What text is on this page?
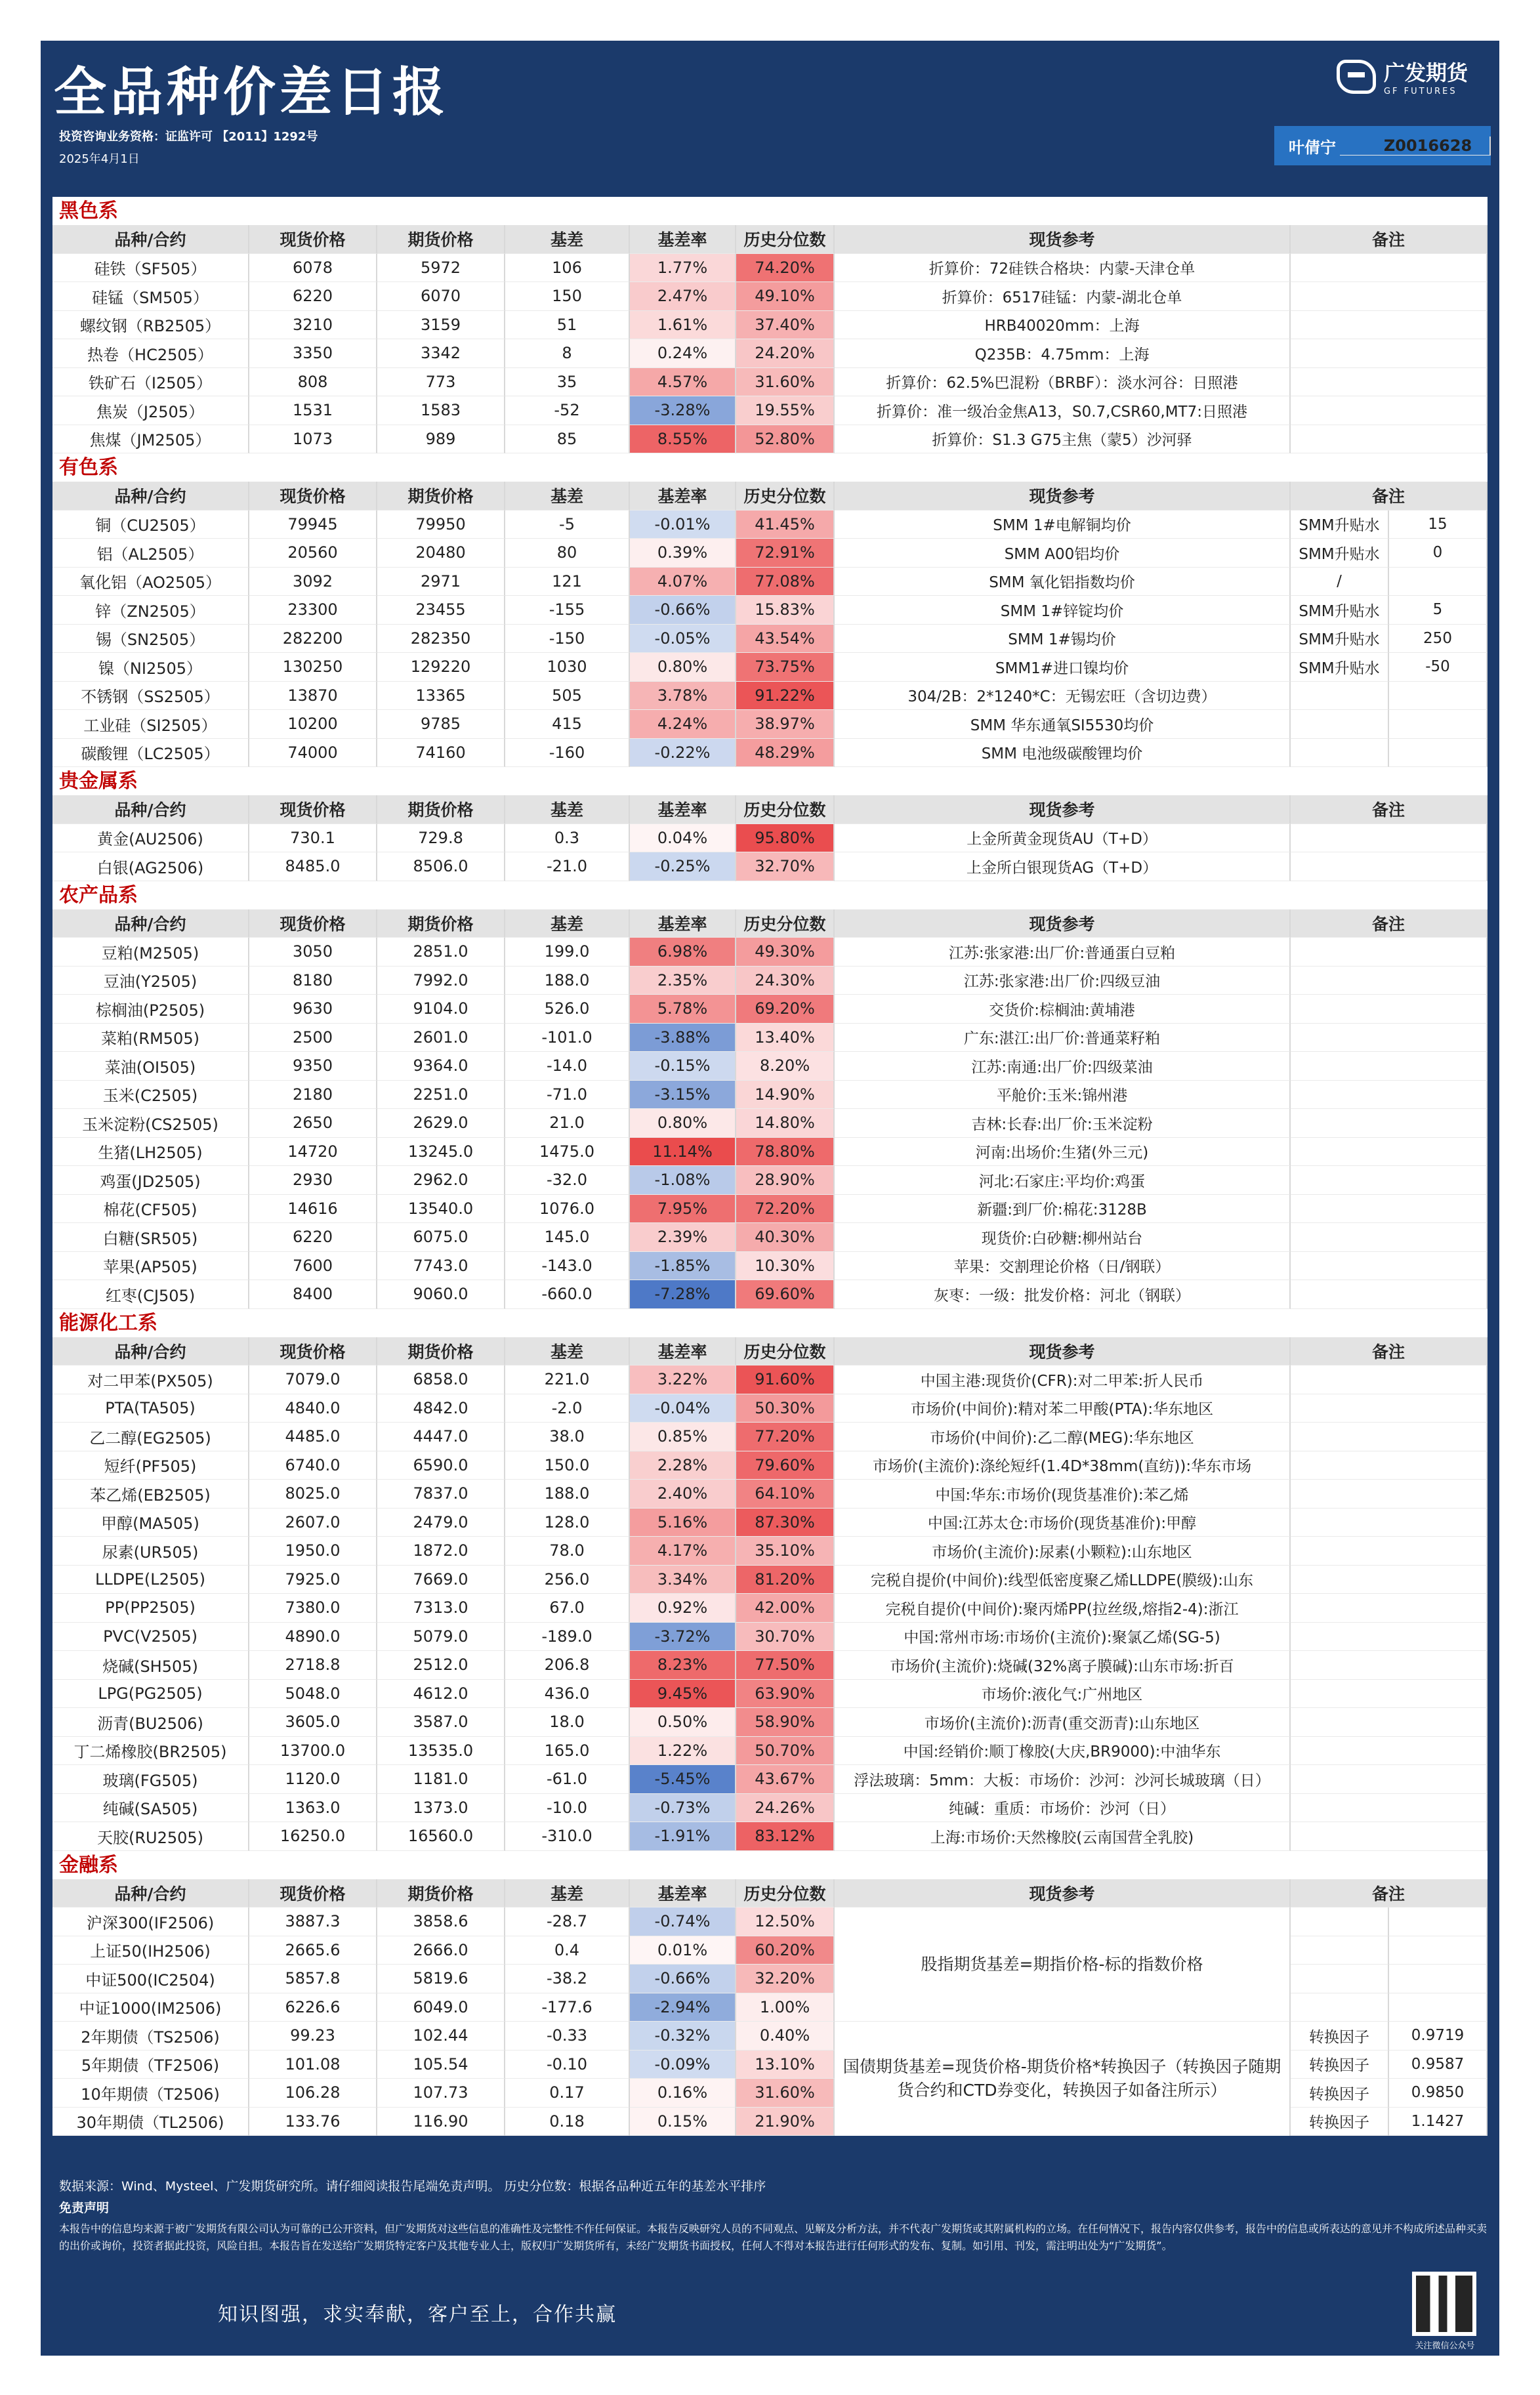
全品种价差日报
投资咨询业务资格：证监许可 【2011】1292号
2025年4月1日
广发期货
GF FUTURES
叶倩宁	Z0016628
黑色系
品种/合约	现货价格	期货价格	基差	基差率	历史分位数	现货参考	备注
硅铁（SF505）	6078	5972	106	1.77%	74.20%	折算价：72硅铁合格块：内蒙-天津仓单
硅锰（SM505）	6220	6070	150	2.47%	49.10%	折算价：6517硅锰：内蒙-湖北仓单
螺纹钢（RB2505）	3210	3159	51	1.61%	37.40%	HRB40020mm：上海
热卷（HC2505）	3350	3342	8	0.24%	24.20%	Q235B：4.75mm：上海
铁矿石（I2505）	808	773	35	4.57%	31.60%	折算价：62.5%巴混粉（BRBF）：淡水河谷：日照港
焦炭（J2505）	1531	1583	-52	-3.28%	19.55%	折算价：准一级冶金焦A13，S0.7,CSR60,MT7:日照港
焦煤（JM2505）	1073	989	85	8.55%	52.80%	折算价：S1.3 G75主焦（蒙5）沙河驿
有色系
品种/合约	现货价格	期货价格	基差	基差率	历史分位数	现货参考	备注
铜（CU2505）	79945	79950	-5	-0.01%	41.45%	SMM 1#电解铜均价	SMM升贴水	15
铝（AL2505）	20560	20480	80	0.39%	72.91%	SMM A00铝均价	SMM升贴水	0
氧化铝（AO2505）	3092	2971	121	4.07%	77.08%	SMM 氧化铝指数均价	/
锌（ZN2505）	23300	23455	-155	-0.66%	15.83%	SMM 1#锌锭均价	SMM升贴水	5
锡（SN2505）	282200	282350	-150	-0.05%	43.54%	SMM 1#锡均价	SMM升贴水	250
镍（NI2505）	130250	129220	1030	0.80%	73.75%	SMM1#进口镍均价	SMM升贴水	-50
不锈钢（SS2505）	13870	13365	505	3.78%	91.22%	304/2B：2*1240*C：无锡宏旺（含切边费）
工业硅（SI2505）	10200	9785	415	4.24%	38.97%	SMM 华东通氧SI5530均价
碳酸锂（LC2505）	74000	74160	-160	-0.22%	48.29%	SMM 电池级碳酸锂均价
贵金属系
品种/合约	现货价格	期货价格	基差	基差率	历史分位数	现货参考	备注
黄金(AU2506)	730.1	729.8	0.3	0.04%	95.80%	上金所黄金现货AU（T+D）
白银(AG2506)	8485.0	8506.0	-21.0	-0.25%	32.70%	上金所白银现货AG（T+D）
农产品系
品种/合约	现货价格	期货价格	基差	基差率	历史分位数	现货参考	备注
豆粕(M2505)	3050	2851.0	199.0	6.98%	49.30%	江苏:张家港:出厂价:普通蛋白豆粕
豆油(Y2505)	8180	7992.0	188.0	2.35%	24.30%	江苏:张家港:出厂价:四级豆油
棕榈油(P2505)	9630	9104.0	526.0	5.78%	69.20%	交货价:棕榈油:黄埔港
菜粕(RM505)	2500	2601.0	-101.0	-3.88%	13.40%	广东:湛江:出厂价:普通菜籽粕
菜油(OI505)	9350	9364.0	-14.0	-0.15%	8.20%	江苏:南通:出厂价:四级菜油
玉米(C2505)	2180	2251.0	-71.0	-3.15%	14.90%	平舱价:玉米:锦州港
玉米淀粉(CS2505)	2650	2629.0	21.0	0.80%	14.80%	吉林:长春:出厂价:玉米淀粉
生猪(LH2505)	14720	13245.0	1475.0	11.14%	78.80%	河南:出场价:生猪(外三元)
鸡蛋(JD2505)	2930	2962.0	-32.0	-1.08%	28.90%	河北:石家庄:平均价:鸡蛋
棉花(CF505)	14616	13540.0	1076.0	7.95%	72.20%	新疆:到厂价:棉花:3128B
白糖(SR505)	6220	6075.0	145.0	2.39%	40.30%	现货价:白砂糖:柳州站台
苹果(AP505)	7600	7743.0	-143.0	-1.85%	10.30%	苹果：交割理论价格（日/钢联）
红枣(CJ505)	8400	9060.0	-660.0	-7.28%	69.60%	灰枣：一级：批发价格：河北（钢联）
能源化工系
品种/合约	现货价格	期货价格	基差	基差率	历史分位数	现货参考	备注
对二甲苯(PX505)	7079.0	6858.0	221.0	3.22%	91.60%	中国主港:现货价(CFR):对二甲苯:折人民币
PTA(TA505)	4840.0	4842.0	-2.0	-0.04%	50.30%	市场价(中间价):精对苯二甲酸(PTA):华东地区
乙二醇(EG2505)	4485.0	4447.0	38.0	0.85%	77.20%	市场价(中间价):乙二醇(MEG):华东地区
短纤(PF505)	6740.0	6590.0	150.0	2.28%	79.60%	市场价(主流价):涤纶短纤(1.4D*38mm(直纺)):华东市场
苯乙烯(EB2505)	8025.0	7837.0	188.0	2.40%	64.10%	中国:华东:市场价(现货基准价):苯乙烯
甲醇(MA505)	2607.0	2479.0	128.0	5.16%	87.30%	中国:江苏太仓:市场价(现货基准价):甲醇
尿素(UR505)	1950.0	1872.0	78.0	4.17%	35.10%	市场价(主流价):尿素(小颗粒):山东地区
LLDPE(L2505)	7925.0	7669.0	256.0	3.34%	81.20%	完税自提价(中间价):线型低密度聚乙烯LLDPE(膜级):山东
PP(PP2505)	7380.0	7313.0	67.0	0.92%	42.00%	完税自提价(中间价):聚丙烯PP(拉丝级,熔指2-4):浙江
PVC(V2505)	4890.0	5079.0	-189.0	-3.72%	30.70%	中国:常州市场:市场价(主流价):聚氯乙烯(SG-5)
烧碱(SH505)	2718.8	2512.0	206.8	8.23%	77.50%	市场价(主流价):烧碱(32%离子膜碱):山东市场:折百
LPG(PG2505)	5048.0	4612.0	436.0	9.45%	63.90%	市场价:液化气:广州地区
沥青(BU2506)	3605.0	3587.0	18.0	0.50%	58.90%	市场价(主流价):沥青(重交沥青):山东地区
丁二烯橡胶(BR2505)	13700.0	13535.0	165.0	1.22%	50.70%	中国:经销价:顺丁橡胶(大庆,BR9000):中油华东
玻璃(FG505)	1120.0	1181.0	-61.0	-5.45%	43.67%	浮法玻璃：5mm：大板：市场价：沙河：沙河长城玻璃（日）
纯碱(SA505)	1363.0	1373.0	-10.0	-0.73%	24.26%	纯碱：重质：市场价：沙河（日）
天胶(RU2505)	16250.0	16560.0	-310.0	-1.91%	83.12%	上海:市场价:天然橡胶(云南国营全乳胶)
金融系
品种/合约	现货价格	期货价格	基差	基差率	历史分位数	现货参考	备注
沪深300(IF2506)	3887.3	3858.6	-28.7	-0.74%	12.50%
上证50(IH2506)	2665.6	2666.0	0.4	0.01%	60.20%
中证500(IC2504)	5857.8	5819.6	-38.2	-0.66%	32.20%
中证1000(IM2506)	6226.6	6049.0	-177.6	-2.94%	1.00%
2年期债（TS2506)	99.23	102.44	-0.33	-0.32%	0.40%	转换因子	0.9719
5年期债（TF2506)	101.08	105.54	-0.10	-0.09%	13.10%	转换因子	0.9587
10年期债（T2506)	106.28	107.73	0.17	0.16%	31.60%	转换因子	0.9850
30年期债（TL2506)	133.76	116.90	0.18	0.15%	21.90%	转换因子	1.1427
股指期货基差=期指价格-标的指数价格
国债期货基差=现货价格-期货价格*转换因子（转换因子随期货合约和CTD券变化，转换因子如备注所示）
数据来源：Wind、Mysteel、广发期货研究所。请仔细阅读报告尾端免责声明。 历史分位数：根据各品种近五年的基差水平排序
免责声明
本报告中的信息均来源于被广发期货有限公司认为可靠的已公开资料，但广发期货对这些信息的准确性及完整性不作任何保证。本报告反映研究人员的不同观点、见解及分析方法，并不代表广发期货或其附属机构的立场。在任何情况下，报告内容仅供参考，报告中的信息或所表达的意见并不构成所述品种买卖的出价或询价，投资者据此投资，风险自担。本报告旨在发送给广发期货特定客户及其他专业人士，版权归广发期货所有，未经广发期货书面授权，任何人不得对本报告进行任何形式的发布、复制。如引用、刊发，需注明出处为“广发期货”。
知识图强，求实奉献，客户至上，合作共赢
关注微信公众号
